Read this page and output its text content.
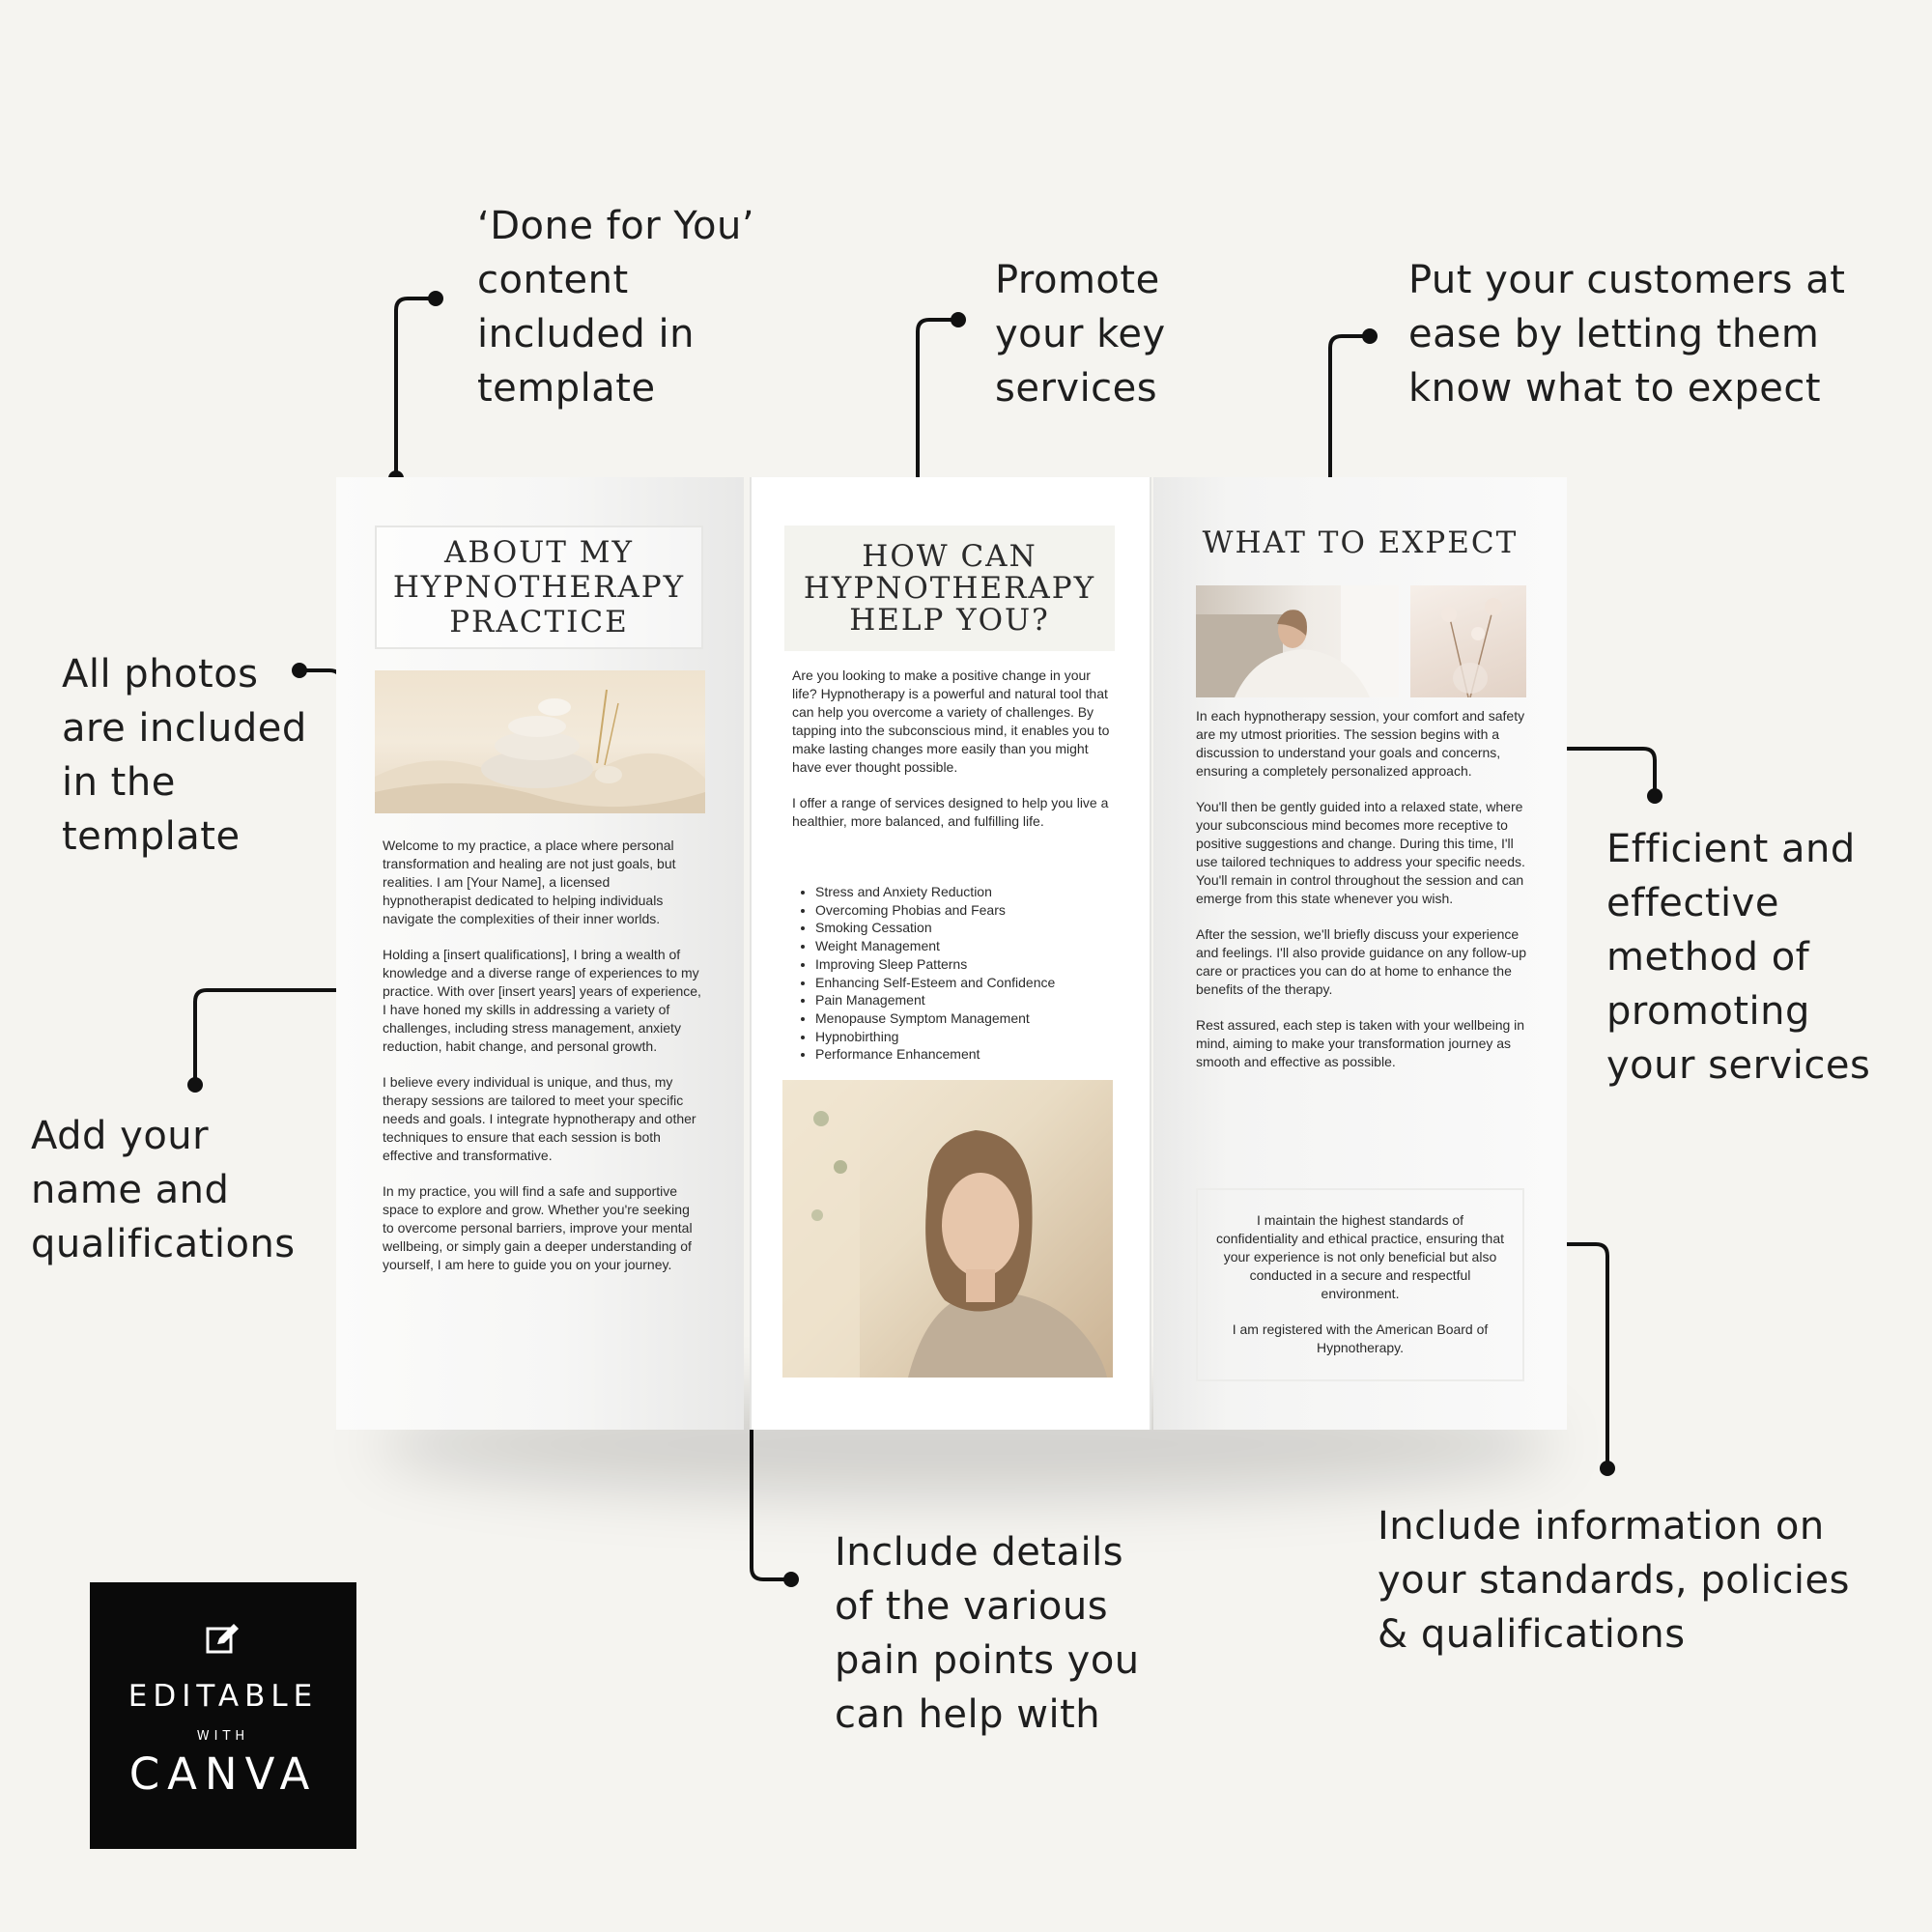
‘Done for You’
content
included in
template
Promote
your key
services
Put your customers at
ease by letting them
know what to expect
All photos
are included
in the
template
Add your
name and
qualifications
Efficient and
effective
method of
promoting
your services
Include details
of the various
pain points you
can help with
Include information on
your standards, policies
& qualifications
ABOUT MY
HYPNOTHERAPY
PRACTICE

Welcome to my practice, a place where personal transformation and healing are not just goals, but realities. I am [Your Name], a licensed hypnotherapist dedicated to helping individuals navigate the complexities of their inner worlds.

Holding a [insert qualifications], I bring a wealth of knowledge and a diverse range of experiences to my practice. With over [insert years] years of experience, I have honed my skills in addressing a variety of challenges, including stress management, anxiety reduction, habit change, and personal growth.

I believe every individual is unique, and thus, my therapy sessions are tailored to meet your specific needs and goals. I integrate hypnotherapy and other techniques to ensure that each session is both effective and transformative.

In my practice, you will find a safe and supportive space to explore and grow. Whether you're seeking to overcome personal barriers, improve your mental wellbeing, or simply gain a deeper understanding of yourself, I am here to guide you on your journey.

HOW CAN
HYPNOTHERAPY
HELP YOU?

Are you looking to make a positive change in your life? Hypnotherapy is a powerful and natural tool that can help you overcome a variety of challenges. By tapping into the subconscious mind, it enables you to make lasting changes more easily than you might have ever thought possible.

I offer a range of services designed to help you live a healthier, more balanced, and fulfilling life.

• Stress and Anxiety Reduction
• Overcoming Phobias and Fears
• Smoking Cessation
• Weight Management
• Improving Sleep Patterns
• Enhancing Self-Esteem and Confidence
• Pain Management
• Menopause Symptom Management
• Hypnobirthing
• Performance Enhancement
WHAT TO EXPECT

In each hypnotherapy session, your comfort and safety are my utmost priorities. The session begins with a discussion to understand your goals and concerns, ensuring a completely personalized approach.

You'll then be gently guided into a relaxed state, where your subconscious mind becomes more receptive to positive suggestions and change. During this time, I'll use tailored techniques to address your specific needs. You'll remain in control throughout the session and can emerge from this state whenever you wish.

After the session, we'll briefly discuss your experience and feelings. I'll also provide guidance on any follow-up care or practices you can do at home to enhance the benefits of the therapy.

Rest assured, each step is taken with your wellbeing in mind, aiming to make your transformation journey as smooth and effective as possible.

I maintain the highest standards of confidentiality and ethical practice, ensuring that your experience is not only beneficial but also conducted in a secure and respectful environment.

I am registered with the American Board of Hypnotherapy.

EDITABLE
WITH
CANVA
